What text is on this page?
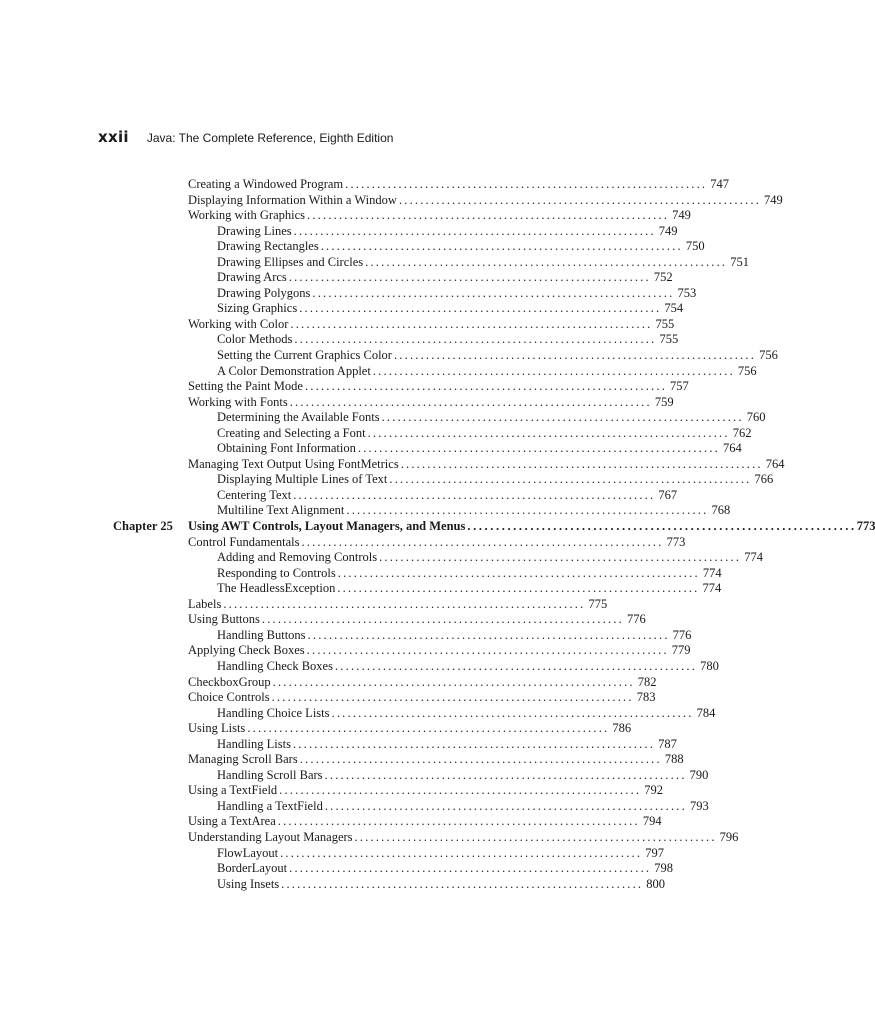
xxii Java: The Complete Reference, Eighth Edition
Creating a Windowed Program .................................................................... 747
Displaying Information Within a Window .................................................................... 749
Working with Graphics .................................................................... 749
Drawing Lines .................................................................... 749
Drawing Rectangles .................................................................... 750
Drawing Ellipses and Circles .................................................................... 751
Drawing Arcs .................................................................... 752
Drawing Polygons .................................................................... 753
Sizing Graphics .................................................................... 754
Working with Color .................................................................... 755
Color Methods .................................................................... 755
Setting the Current Graphics Color .................................................................... 756
A Color Demonstration Applet .................................................................... 756
Setting the Paint Mode .................................................................... 757
Working with Fonts .................................................................... 759
Determining the Available Fonts .................................................................... 760
Creating and Selecting a Font .................................................................... 762
Obtaining Font Information .................................................................... 764
Managing Text Output Using FontMetrics .................................................................... 764
Displaying Multiple Lines of Text .................................................................... 766
Centering Text .................................................................... 767
Multiline Text Alignment .................................................................... 768
Chapter 25 Using AWT Controls, Layout Managers, and Menus .................................................................... 773
Control Fundamentals .................................................................... 773
Adding and Removing Controls .................................................................... 774
Responding to Controls .................................................................... 774
The HeadlessException .................................................................... 774
Labels .................................................................... 775
Using Buttons .................................................................... 776
Handling Buttons .................................................................... 776
Applying Check Boxes .................................................................... 779
Handling Check Boxes .................................................................... 780
CheckboxGroup .................................................................... 782
Choice Controls .................................................................... 783
Handling Choice Lists .................................................................... 784
Using Lists .................................................................... 786
Handling Lists .................................................................... 787
Managing Scroll Bars .................................................................... 788
Handling Scroll Bars .................................................................... 790
Using a TextField .................................................................... 792
Handling a TextField .................................................................... 793
Using a TextArea .................................................................... 794
Understanding Layout Managers .................................................................... 796
FlowLayout .................................................................... 797
BorderLayout .................................................................... 798
Using Insets .................................................................... 800
